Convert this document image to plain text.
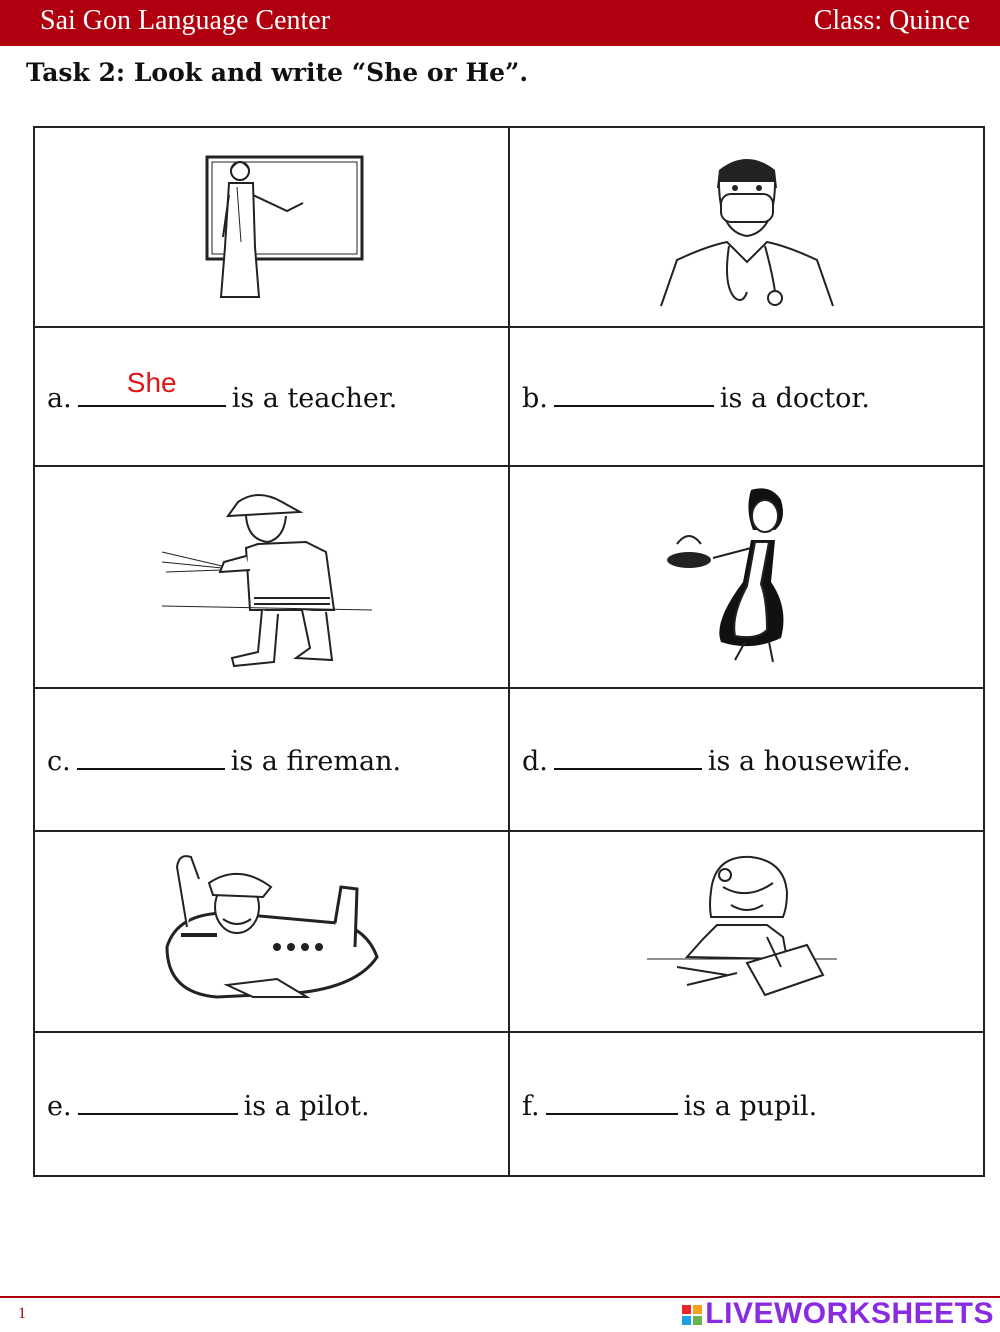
Sai Gon Language Center	Class: Quince
Task 2: Look and write “She or He”.

a.
She
is a teacher.	b. is a doctor.

c. is a fireman.	d. is a housewife.

e. is a pilot.	f. is a pupil.
1	LIVEWORKSHEETS
